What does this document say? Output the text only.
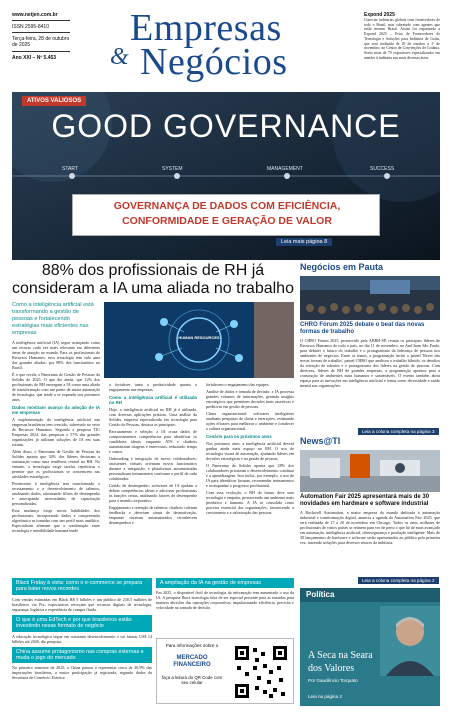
www.netjen.com.br
ISSN 2595-8410
Terça-feira, 28 de outubro de 2025
Ano XXI – Nº 5.453
Empresas
& Negócios
Expond 2025
Conectar indústrias globais com fornecedores de todo o Brasil, mas sobretudo com agentes que estão mesmo Brasil. Assim foi organizada a Expond 2025 – Feira de Fornecedores de Tecnologia e Soluções para Indústria de Goiás, que será realizada de 29 de outubro a 1º de novembro, no Centro de Convenções de Goiânia. Serão mais de 70 expositores especializados em atender à indústria nas mais diversas áreas.
ATIVOS VALIOSOS
GOOD GOVERNANCE
START	SYSTEM	MANAGEMENT	SUCCESS
GOVERNANÇA DE DADOS COM EFICIÊNCIA,
CONFORMIDADE E GERAÇÃO DE VALOR
Leia mais página 8
88% dos profissionais de RH já
consideram a IA uma aliada no trabalho
Como a inteligência artificial está transformando a gestão de pessoas e fortalecendo estratégias mais eficientes nas empresas
HUMAN RESOURCES

A inteligência artificial (IA) segue avançando como um recurso cada vez mais relevante em diferentes áreas de atuação no mundo. Para os profissionais de Recursos Humanos, essa tecnologia tem sido uma das grandes aliadas: por 88% dos funcionários no Brasil.

É o que revela o Panorama de Gestão de Pessoas da Solides de 2025. O que diz ainda, que 12% dos profissionais de RH enxergam a IA como uma aliada de transformação com um ponto de maior automação de tecnologia, que tende a se expandir nos próximos anos.

Dados mostram avanço da adoção de IA em empresas

A implementação da inteligência artificial nas empresas brasileiras tem crescido, sobretudo no setor de Recursos Humanos. Segundo a pesquisa TIC Empresas 2024, das pesquisas e 57% das grandes organizações já utilizam soluções de IA em suas rotinas.

Além disso, o Panorama de Gestão de Pessoas da Solides aponta que 34% dos líderes destacam a automação como uma tendência central no RH. No entanto, a tecnologia exige tarefas repetitivas e permite que os profissionais se concentrem nas atividades estratégicas.

Pertencente à inteligência tem transformado o recrutamento e a desenvolvimento de talentos, analisando dados, otimizando filtros de desempenho e antecipando necessidades de capacitação personalizadas.

Essa mudança exige novas habilidades dos profissionais, incorporando dados e compreensão algorítmica as tomadas com um perfil mais analítico. Especialistas afirmam que a combinação entre tecnologia e sensibilidade humana tende

a fortalecer tanto a produtividade quanto o engajamento nas empresas.

Como a inteligência artificial é utilizada no RH

Hoje, a inteligência artificial no RH já é utilizada, com diversas aplicações práticas. Uma análise da Solides, empresa especializada em tecnologia para Gestão de Pessoas, destaca as principais:

Recrutamento e seleção: a IA cruza dados de comportamentos competências para identificar os candidatos ideais, enquanto ATS e chatbots automatizam triagens e entrevistas, reduzindo tempo e custos.

Onboarding e integração de novos colaboradores: assistentes virtuais orientam novos funcionários durante a integração, e plataformas automatizadas personalizam treinamentos conforme o perfil de cada colaborador.

Gestão de desempenho: softwares de IA ajudam a definir competências ideais e adicionar profissionais às funções certas, analisando fatores de desempenho para o mundo corporativo.

Engajamento e retenção de talentos: chatbots coletam feedbacks e detectam sinais de desmotivação, enquanto sistemas automatizados reconhecem desempenhos e

fortalecem o engajamento das equipes.

Análise de dados e tomada de decisão: a IA processa grandes volumes de informações, gerando insights estratégicos que permitem decisões mais assertivas e preditivas em gestão de pessoas.

Clima organizacional: softwares inteligentes analisam pesquisas de clima e interações, estimando ações eficazes para melhorar o ambiente e fortalecer a cultura organizacional.

Cenário para os próximos anos

Nos próximos anos, a inteligência artificial deverá ganhar ainda mais espaço no RH. O uso de tecnologia visará de automação, ajudando líderes em decisões estratégicas e na gestão de pessoas.

O Panorama da Solides aponta que 28% dos colaboradores priorizam o desenvolvimento contínuo e a aprendizagem. Isso inclui, por exemplo, o uso de IA para identificar lacunas, recomendar treinamentos e acompanhar o progresso profissional.

Com essa evolução, o RH do futuro deve unir tecnologia e empatia, promovendo um ambiente mais produtivo e humano. A IA se consolida como parceira essencial das organizações, favorecendo o crescimento e a valorização das pessoas.

Black Friday à vista: como o e-commerce se prepara para bater novos recordes

Com vendas estimadas em Black R$ 5 bilhões e um público de 230,5 milhões de brasileiros via Pix, expectativas reforçam que recursos digitais de tecnologia, segurança, logística e experiência de compra fluida.

O que é uma EdTech e por que brasileiros estão investindo nesse formato de negócio

A educação tecnológica segue em constante desenvolvimento e vai faturar US$ 14 bilhões até 2026, diz pesquisa.

China assume protagonismo nas compras externas e muda o jogo do mercado

No primeiro semestre de 2025, a China passou a representar cerca de 26,9% das importações brasileiras, a maior participação já registrada, segundo dados da Secretaria de Comércio Exterior.

A ampliação da IA na gestão de empresas

Em 2025, o disponível fácil de tecnologia da informação tem aumentado o uso da IA. A pesquisa Ibora tecnologia feita de ser especial presente para as tomadas para maiores decisões das operações corporativas, impulsionando eficiência, precisão e velocidade na tomada de decisão.

Para informações sobre o
MERCADO FINANCEIRO
faça a leitura do QR Code com seu celular
Negócios em Pauta
CHRO Fórum 2025 debate o beat das novas formas de trabalho

O CHRO Fórum 2025, promovido pela ABRH-SP, reuniu os principais líderes de Recursos Humanos de todo o país, no dia 11 de novembro, no AmCham São Paulo, para debater o futuro do trabalho e o protagonismo da liderança de pessoas nos ambientes de negócios. Entre os temas, a programação inclui o painel 'Rever das novas formas de trabalho', painel CHRO que analisou o trabalho híbrido, os desafios da retenção de talentos e o protagonismo dos líderes na gestão de pessoas. Com diretores, líderes de RH de grandes empresas, a programação apontou para a construção de ambientes mais humanos e sustentáveis. O evento também abriu espaço para as inovações em inteligência artificial e temas como diversidade e saúde mental nas organizações.

Leia a coluna completa na página 3
News@TI
Automation Fair 2025 apresentará mais de 30 novidades em hardware e software industrial

A Rockwell Automation, a maior empresa do mundo dedicada à automação industrial e transformação digital, anuncia a agenda da Automation Fair 2025, que será realizada de 17 a 20 de novembro em Chicago. Todos os anos, milhares de profissionais de vários países se reúnem para ver de perto o que há de mais avançado em automação, inteligência artificial, cibersegurança e produção inteligente. Mais de 30 lançamentos de hardware e software serão apresentados ao público pela primeira vez, trazendo soluções para diversos setores da indústria.

Leia a coluna completa na página 2
Política
A Seca na Seara
dos Valores
Por Gaudêncio Torquato
Leia na página 2
